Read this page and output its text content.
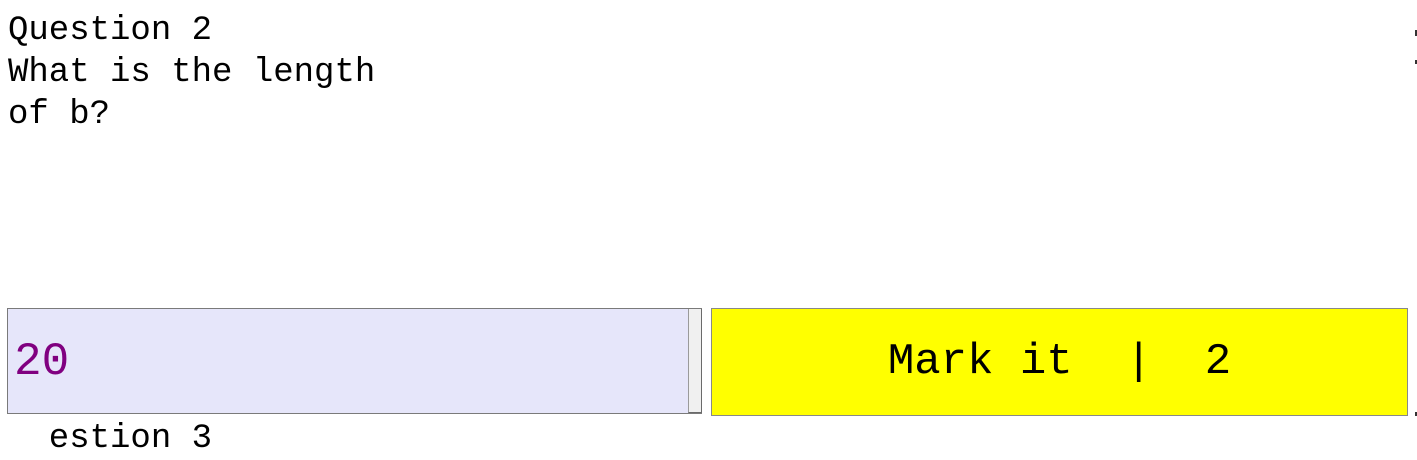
Question 2
What is the length
of b?
20	Mark it  |  2
estion 3
